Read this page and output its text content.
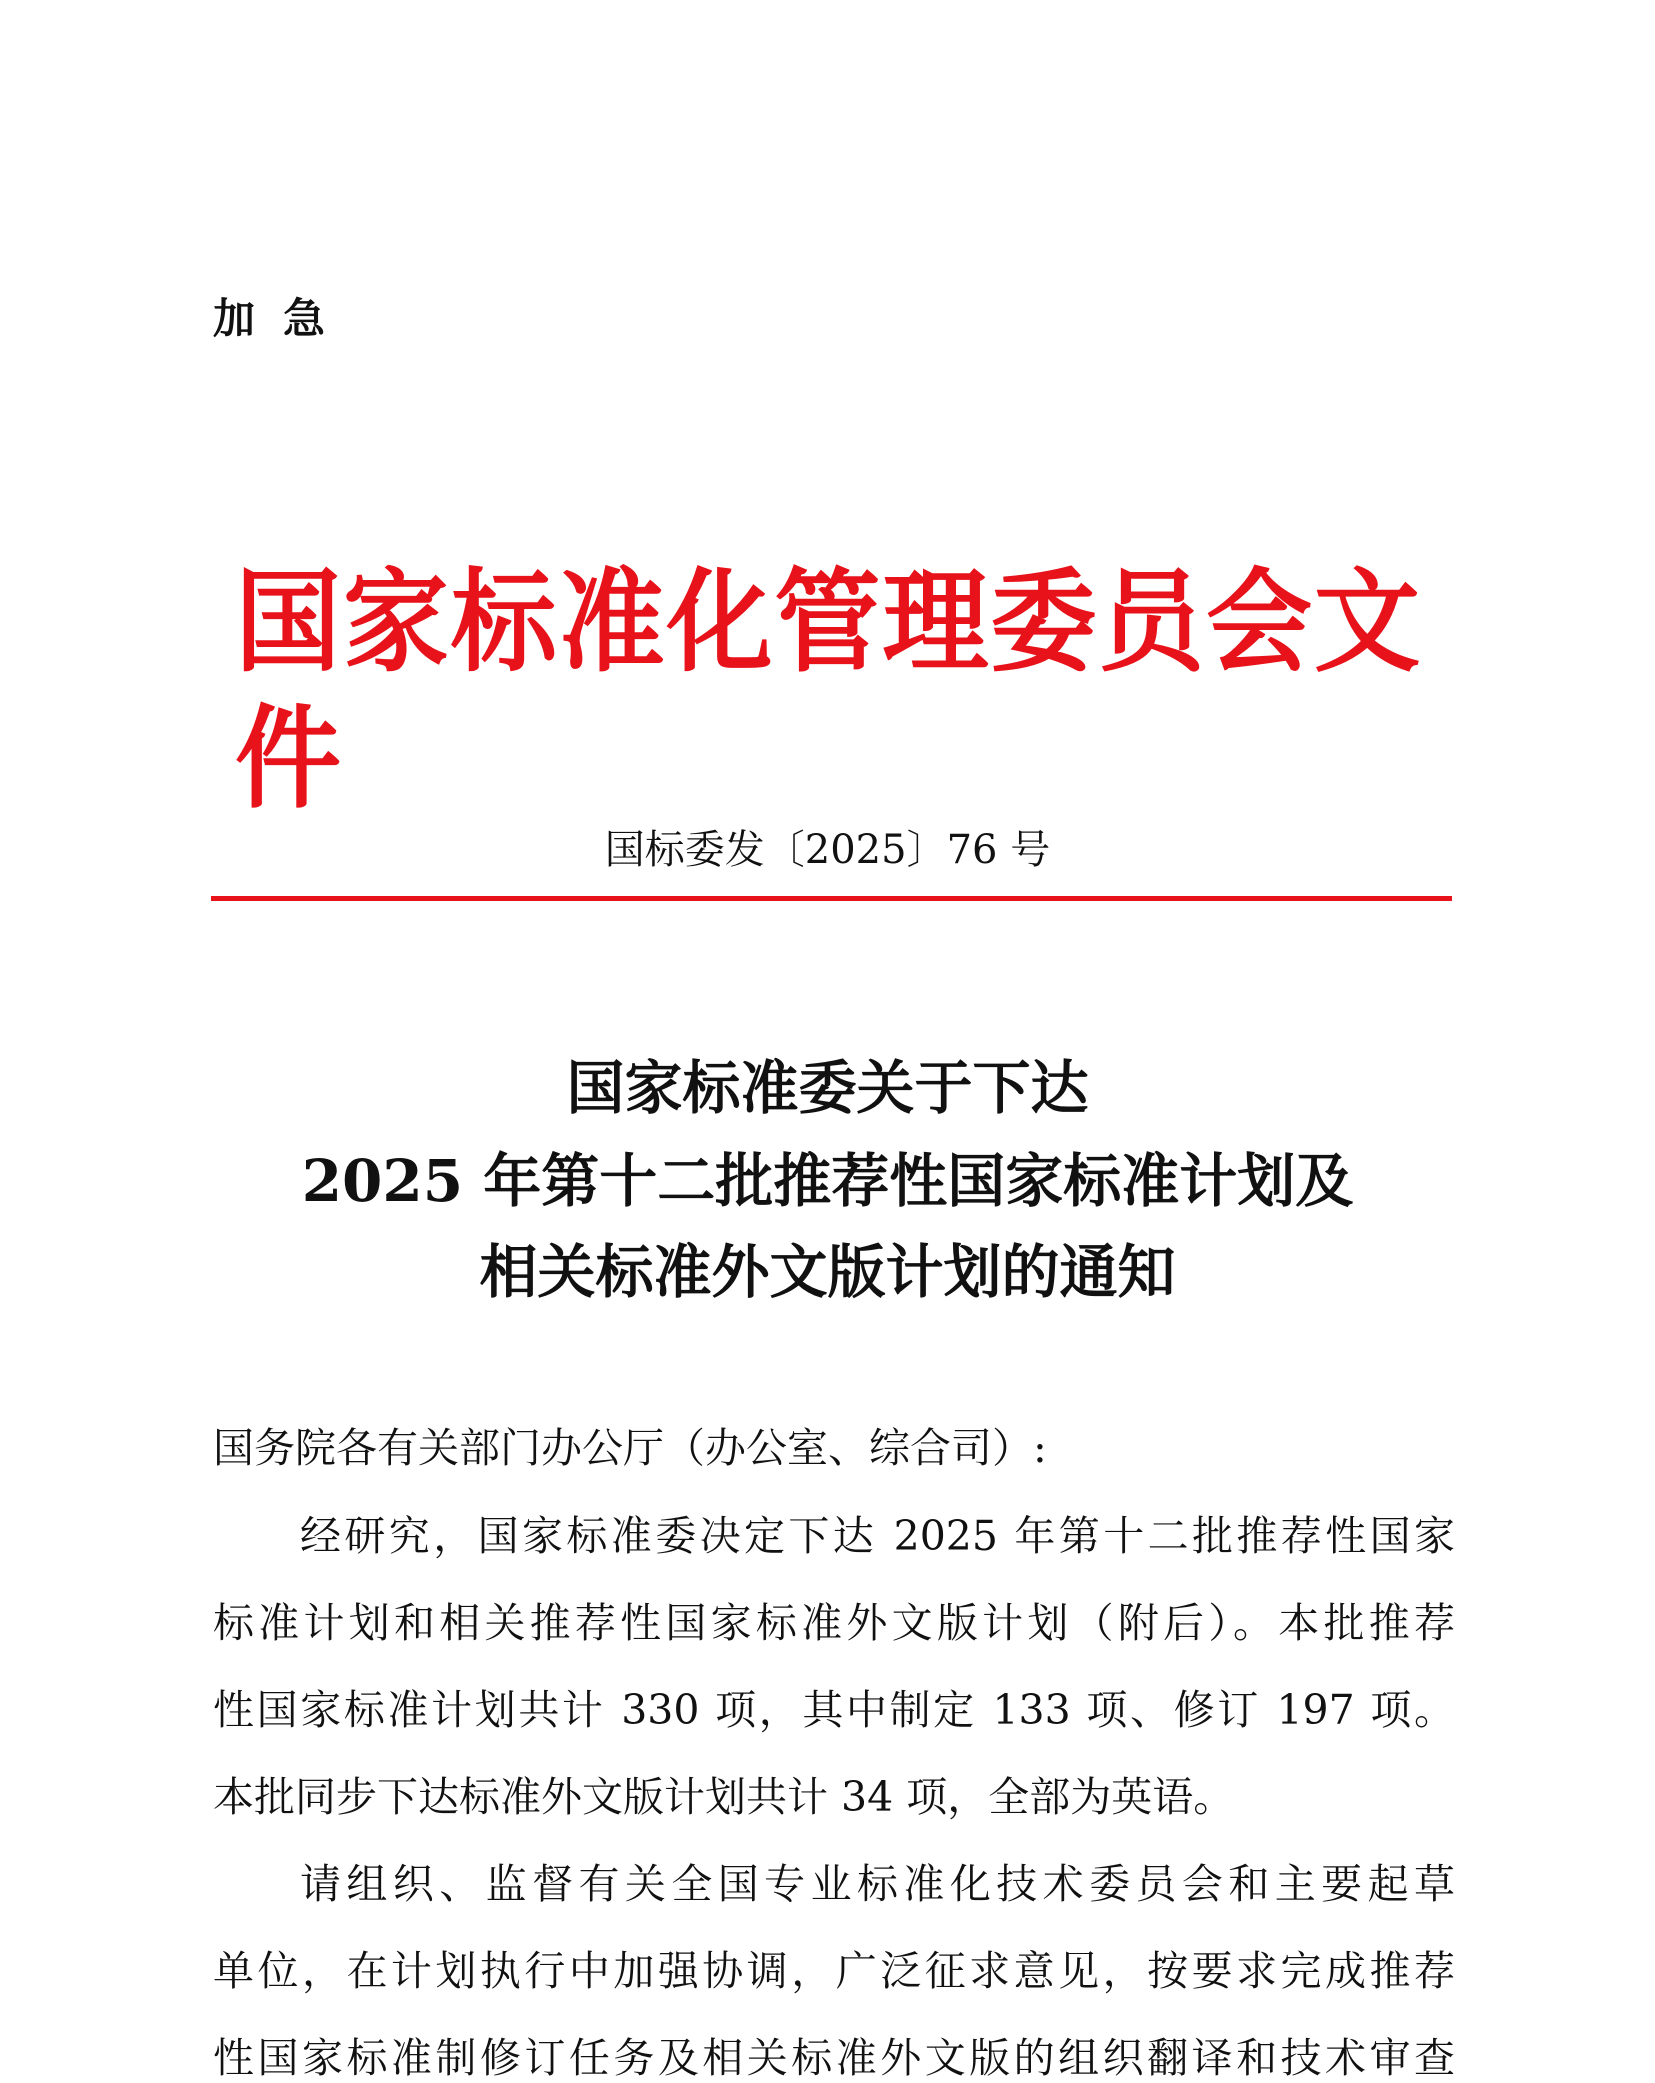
加急
国家标准化管理委员会文件
国标委发〔2025〕76 号
国家标准委关于下达
2025 年第十二批推荐性国家标准计划及
相关标准外文版计划的通知
国务院各有关部门办公厅（办公室、综合司）:
经研究，国家标准委决定下达 2025 年第十二批推荐性国家
标准计划和相关推荐性国家标准外文版计划（附后）。本批推荐
性国家标准计划共计 330 项，其中制定 133 项、修订 197 项。
本批同步下达标准外文版计划共计 34 项，全部为英语。
请组织、监督有关全国专业标准化技术委员会和主要起草
单位，在计划执行中加强协调，广泛征求意见，按要求完成推荐
性国家标准制修订任务及相关标准外文版的组织翻译和技术审查
